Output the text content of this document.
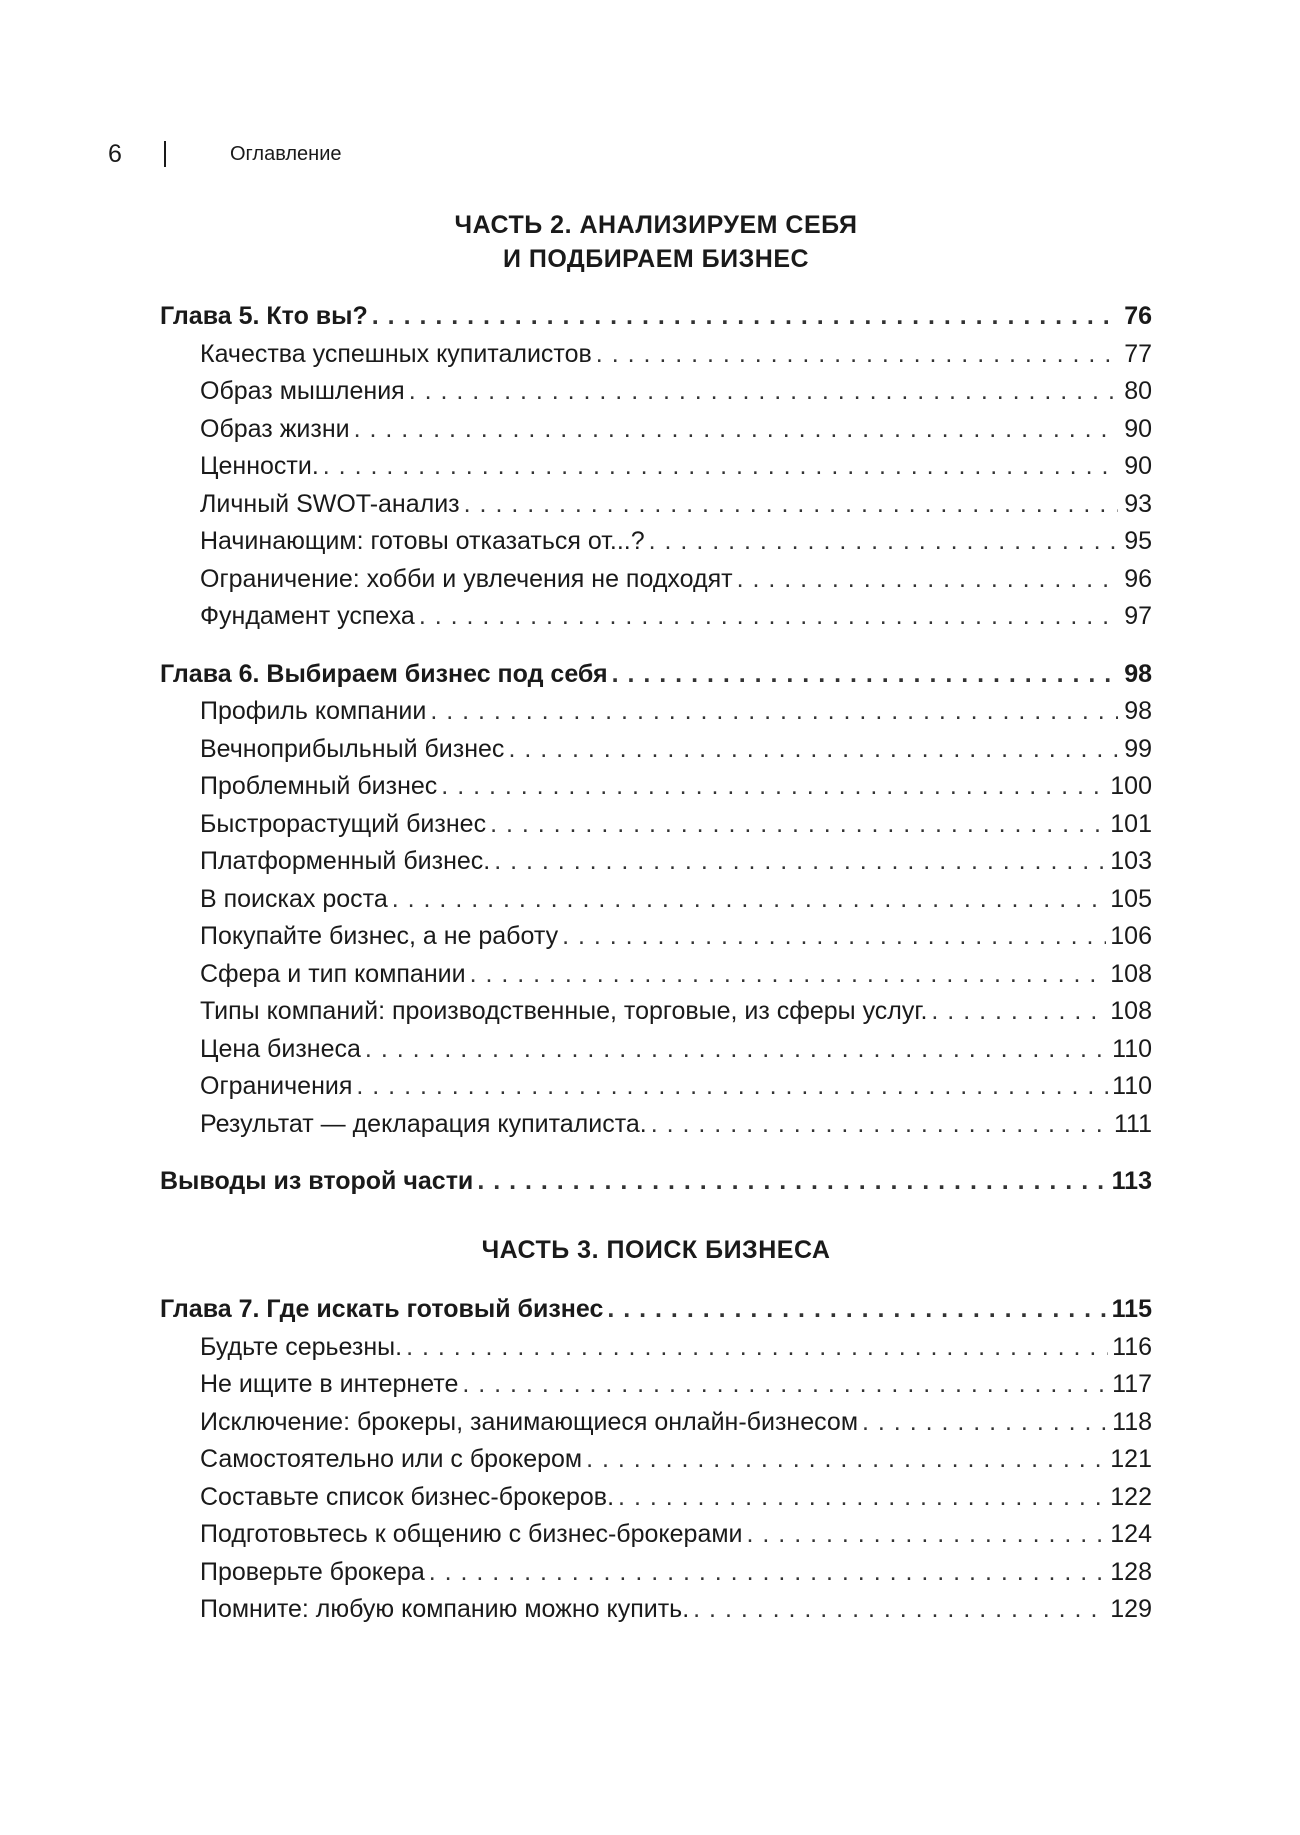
6	Оглавление
ЧАСТЬ 2. АНАЛИЗИРУЕМ СЕБЯ
И ПОДБИРАЕМ БИЗНЕС
Глава 5. Кто вы? . . .	76
Качества успешных купиталистов . . .	77
Образ мышления . . .	80
Образ жизни . . .	90
Ценности. . . .	90
Личный SWOT-анализ . . .	93
Начинающим: готовы отказаться от...? . . .	95
Ограничение: хобби и увлечения не подходят . . .	96
Фундамент успеха . . .	97
Глава 6. Выбираем бизнес под себя . . .	98
Профиль компании . . .	98
Вечноприбыльный бизнес . . .	99
Проблемный бизнес . . .	100
Быстрорастущий бизнес . . .	101
Платформенный бизнес. . . .	103
В поисках роста . . .	105
Покупайте бизнес, а не работу . . .	106
Сфера и тип компании . . .	108
Типы компаний: производственные, торговые, из сферы услуг. . . .	108
Цена бизнеса . . .	110
Ограничения . . .	110
Результат — декларация купиталиста. . . .	111
Выводы из второй части . . .	113
ЧАСТЬ 3. ПОИСК БИЗНЕСА
Глава 7. Где искать готовый бизнес . . .	115
Будьте серьезны. . . .	116
Не ищите в интернете . . .	117
Исключение: брокеры, занимающиеся онлайн-бизнесом . . .	118
Самостоятельно или с брокером . . .	121
Составьте список бизнес-брокеров. . . .	122
Подготовьтесь к общению с бизнес-брокерами . . .	124
Проверьте брокера . . .	128
Помните: любую компанию можно купить. . . .	129
